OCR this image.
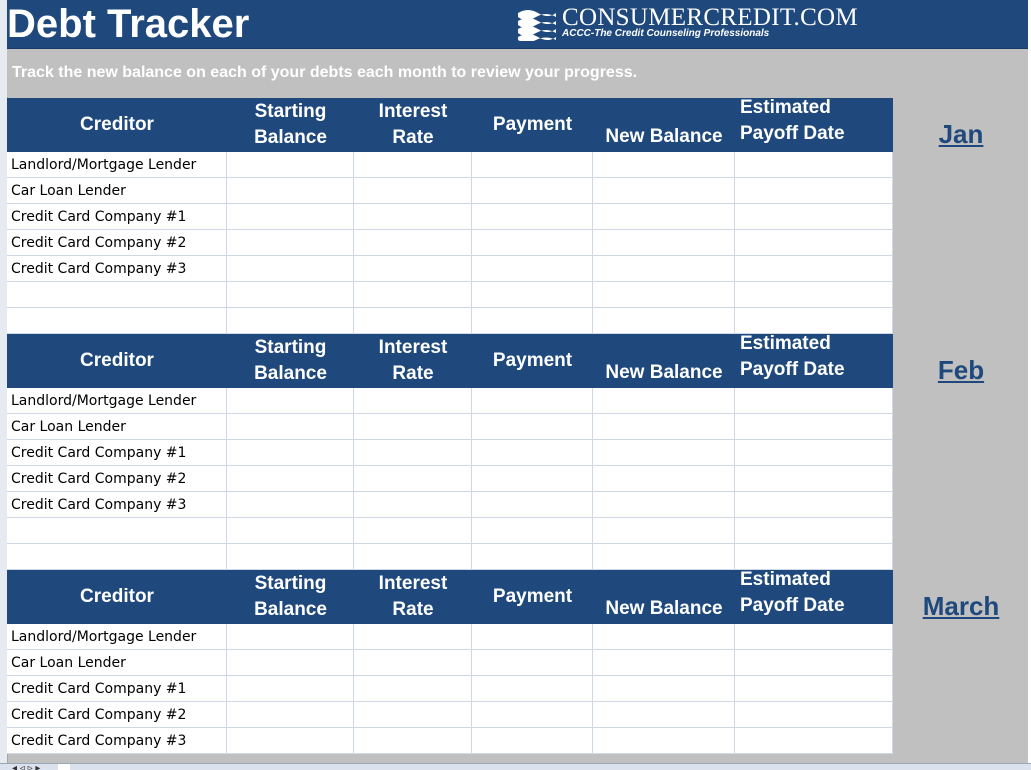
Debt Tracker	CONSUMERCREDIT.COM
ACCC-The Credit Counseling Professionals
Track the new balance on each of your debts each month to review your progress.
Creditor
Starting
Balance
Interest
Rate
Payment
New Balance
Estimated
Payoff Date
Landlord/Mortgage Lender
Car Loan Lender
Credit Card Company #1
Credit Card Company #2
Credit Card Company #3
Jan
Creditor
Starting
Balance
Interest
Rate
Payment
New Balance
Estimated
Payoff Date
Landlord/Mortgage Lender
Car Loan Lender
Credit Card Company #1
Credit Card Company #2
Credit Card Company #3
Feb
Creditor
Starting
Balance
Interest
Rate
Payment
New Balance
Estimated
Payoff Date
Landlord/Mortgage Lender
Car Loan Lender
Credit Card Company #1
Credit Card Company #2
Credit Card Company #3
March
◂ ◃ ▹ ▸
